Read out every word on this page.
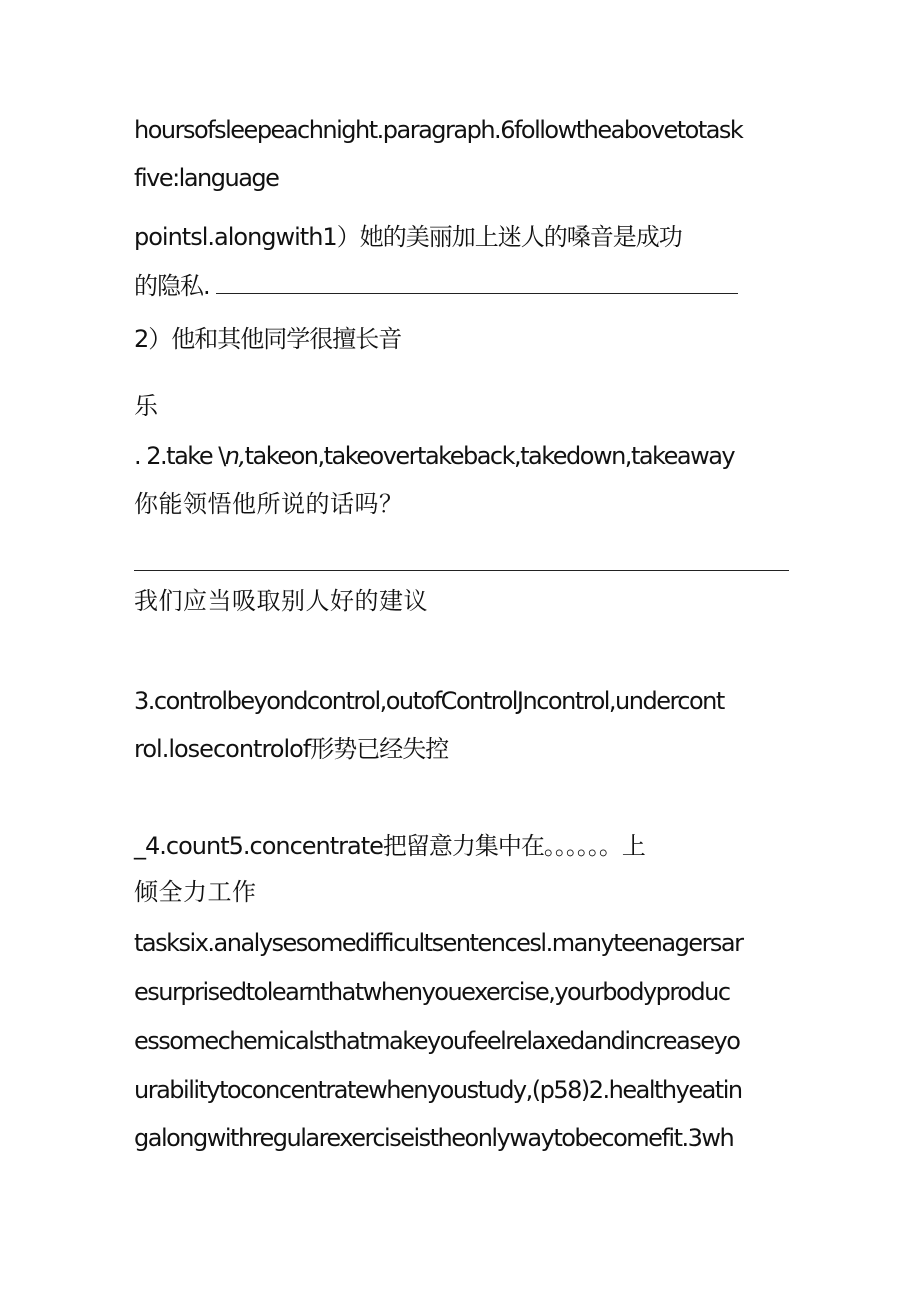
hoursofsleepeachnight.paragraph.6followtheabovetotask

five:language

pointsl.alongwith1）她的美丽加上迷人的嗓音是成功

的隐私.

2）他和其他同学很擅长音

乐

. 2.take \n,takeon,takeovertakeback,takedown,takeaway

你能领悟他所说的话吗？

我们应当吸取别人好的建议

3.controlbeyondcontrol,outofControlJncontrol,undercont

rol.losecontrolof形势已经失控

_4.count5.concentrate把留意力集中在。。。。。。上

倾全力工作

tasksix.analysesomedifficultsentencesl.manyteenagersar

esurprisedtolearnthatwhenyouexercise,yourbodyproduc

essomechemicalsthatmakeyoufeelrelaxedandincreaseyo

urabilitytoconcentratewhenyoustudy,(p58)2.healthyeatin

galongwithregularexerciseistheonlywaytobecomefit.3wh
